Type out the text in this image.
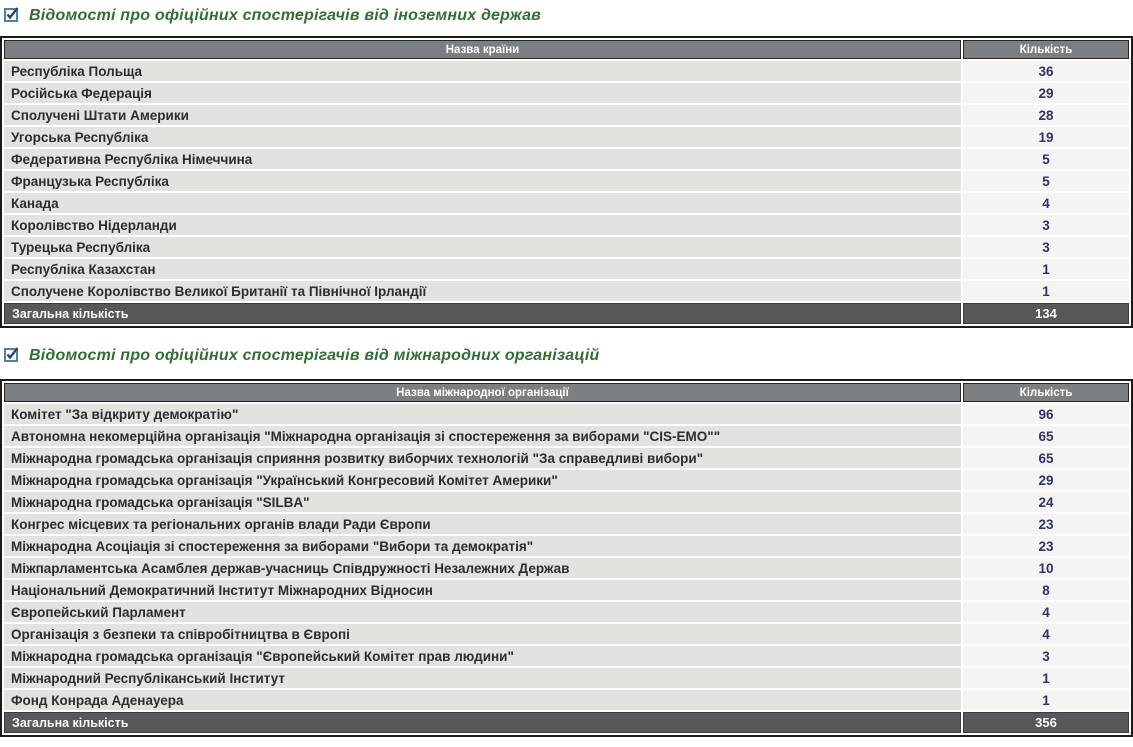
Відомості про офіційних спостерігачів від іноземних держав
Назва країни	Кількість
Республіка Польща	36
Російська Федерація	29
Сполучені Штати Америки	28
Угорська Республіка	19
Федеративна Республіка Німеччина	5
Французька Республіка	5
Канада	4
Королівство Нідерланди	3
Турецька Республіка	3
Республіка Казахстан	1
Сполучене Королівство Великої Британії та Північної Ірландії	1
Загальна кількість	134
Відомості про офіційних спостерігачів від міжнародних організацій
Назва міжнародної організації	Кількість
Комітет "За відкриту демократію"	96
Автономна некомерційна організація "Міжнародна організація зі спостереження за виборами "CIS-EMO""	65
Міжнародна громадська організація сприяння розвитку виборчих технологій "За справедливі вибори"	65
Міжнародна громадська організація "Український Конгресовий Комітет Америки"	29
Міжнародна громадська організація "SILBA"	24
Конгрес місцевих та регіональних органів влади Ради Європи	23
Міжнародна Асоціація зі спостереження за виборами "Вибори та демократія"	23
Міжпарламентська Асамблея держав-учасниць Співдружності Незалежних Держав	10
Національний Демократичний Інститут Міжнародних Відносин	8
Європейський Парламент	4
Організація з безпеки та співробітництва в Європі	4
Міжнародна громадська організація "Європейський Комітет прав людини"	3
Міжнародний Республіканський Інститут	1
Фонд Конрада Аденауера	1
Загальна кількість	356
